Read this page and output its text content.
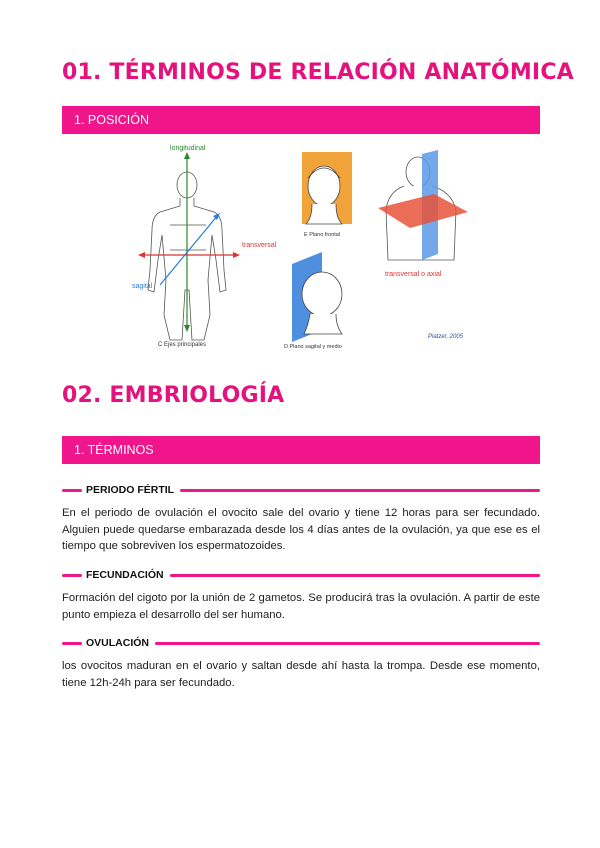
01. TÉRMINOS DE RELACIÓN ANATÓMICA
1. POSICIÓN
longitudinal
sagital
C Ejes principales
transversal
E Plano frontal
D Plano sagital y medio
transversal o axial
Platzer, 2005
02. EMBRIOLOGÍA
1. TÉRMINOS
PERIODO FÉRTIL

En el periodo de ovulación el ovocito sale del ovario y tiene 12 horas para ser fecundado. Alguien puede quedarse embarazada desde los 4 días antes de la ovulación, ya que ese es el tiempo que sobreviven los espermatozoides.

FECUNDACIÓN

Formación del cigoto por la unión de 2 gametos. Se producirá tras la ovulación. A partir de este punto empieza el desarrollo del ser humano.

OVULACIÓN

los ovocitos maduran en el ovario y saltan desde ahí hasta la trompa. Desde ese momento, tiene 12h-24h para ser fecundado.
